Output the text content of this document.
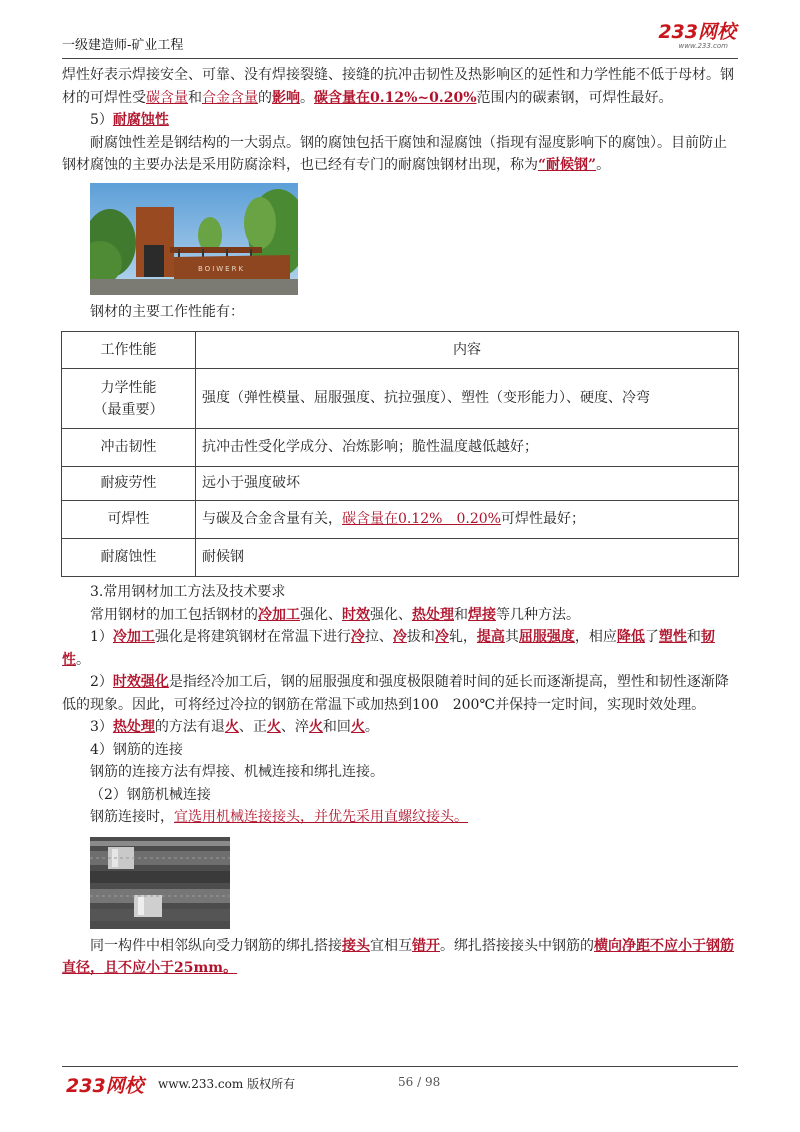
一级建造师-矿业工程
233网校
www.233.com

焊性好表示焊接安全、可靠、没有焊接裂缝、接缝的抗冲击韧性及热影响区的延性和力学性能不低于母材。钢材的可焊性受碳含量和合金含量的影响。碳含量在0.12%~0.20%范围内的碳素钢，可焊性最好。

5）耐腐蚀性

耐腐蚀性差是钢结构的一大弱点。钢的腐蚀包括干腐蚀和湿腐蚀（指现有湿度影响下的腐蚀）。目前防止钢材腐蚀的主要办法是采用防腐涂料，也已经有专门的耐腐蚀钢材出现，称为“耐候钢”。

BOIWERK

钢材的主要工作性能有：

工作性能	内容
力学性能
（最重要）	强度（弹性模量、屈服强度、抗拉强度）、塑性（变形能力）、硬度、冷弯
冲击韧性	抗冲击性受化学成分、冶炼影响；脆性温度越低越好；
耐疲劳性	远小于强度破坏
可焊性	与碳及合金含量有关，碳含量在0.12%　0.20%可焊性最好；
耐腐蚀性	耐候钢

3.常用钢材加工方法及技术要求

常用钢材的加工包括钢材的冷加工强化、时效强化、热处理和焊接等几种方法。

1）冷加工强化是将建筑钢材在常温下进行冷拉、冷拔和冷轧，提高其屈服强度，相应降低了塑性和韧性。

2）时效强化是指经冷加工后，钢的屈服强度和强度极限随着时间的延长而逐渐提高，塑性和韧性逐渐降低的现象。因此，可将经过冷拉的钢筋在常温下或加热到100　200℃并保持一定时间，实现时效处理。

3）热处理的方法有退火、正火、淬火和回火。

4）钢筋的连接

钢筋的连接方法有焊接、机械连接和绑扎连接。

（2）钢筋机械连接

钢筋连接时，宜选用机械连接接头，并优先采用直螺纹接头。

同一构件中相邻纵向受力钢筋的绑扎搭接接头宜相互错开。绑扎搭接接头中钢筋的横向净距不应小于钢筋直径，且不应小于25mm。

233网校 www.233.com 版权所有	56 / 98
